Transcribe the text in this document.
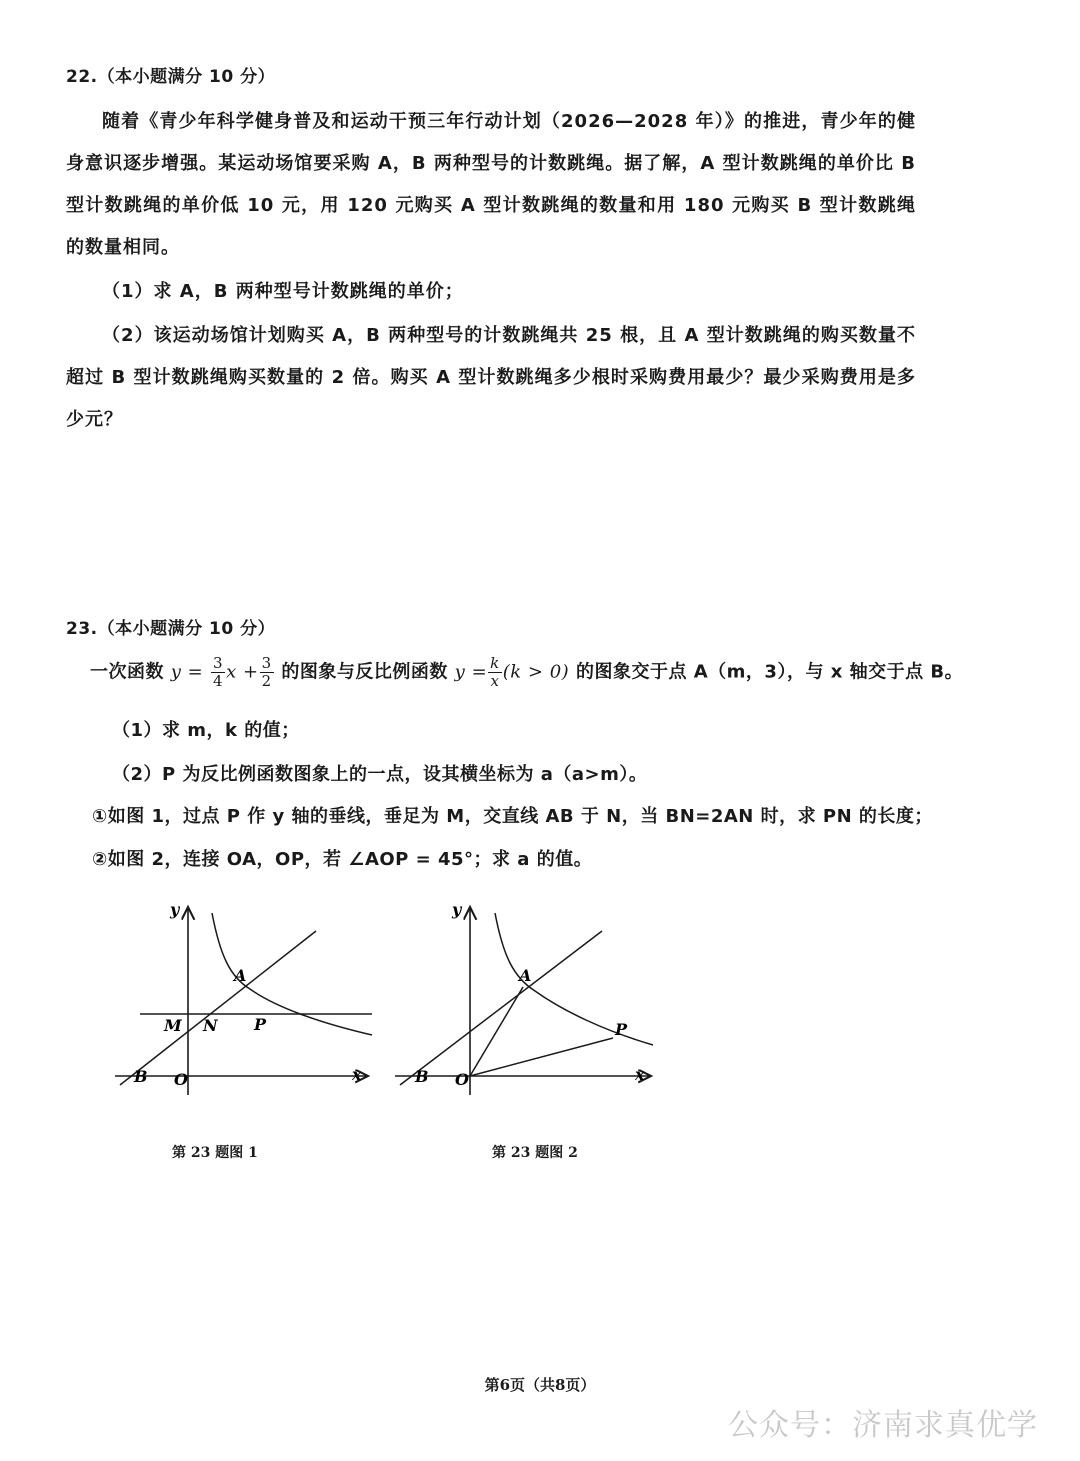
22.（本小题满分 10 分）
随着《青少年科学健身普及和运动干预三年行动计划（2026—2028 年）》的推进，青少年的健身意识逐步增强。某运动场馆要采购 A，B 两种型号的计数跳绳。据了解，A 型计数跳绳的单价比 B 型计数跳绳的单价低 10 元，用 120 元购买 A 型计数跳绳的数量和用 180 元购买 B 型计数跳绳的数量相同。
（1）求 A，B 两种型号计数跳绳的单价；
（2）该运动场馆计划购买 A，B 两种型号的计数跳绳共 25 根，且 A 型计数跳绳的购买数量不超过 B 型计数跳绳购买数量的 2 倍。购买 A 型计数跳绳多少根时采购费用最少？最少采购费用是多少元？
23.（本小题满分 10 分）
一次函数 $y = \frac{3}{4}$ $x + \frac{3}{2}$ 的图象与反比例函数 $y = \frac{k}{x} (k > 0)$ 的图象交于点 A（m，3），与 x 轴交于点 B。
（1）求 m，k 的值；
（2）P 为反比例函数图象上的一点，设其横坐标为 a（a>m）。
①如图 1，过点 P 作 y 轴的垂线，垂足为 M，交直线 AB 于 N，当 BN=2AN 时，求 PN 的长度；
②如图 2，连接 OA，OP，若 ∠AOP = 45°；求 a 的值。
y
x
A
M N P
B O
第 23 题图 1
y
x
A
P
B O
第 23 题图 2
第6页（共8页）
公众号：济南求真优学
